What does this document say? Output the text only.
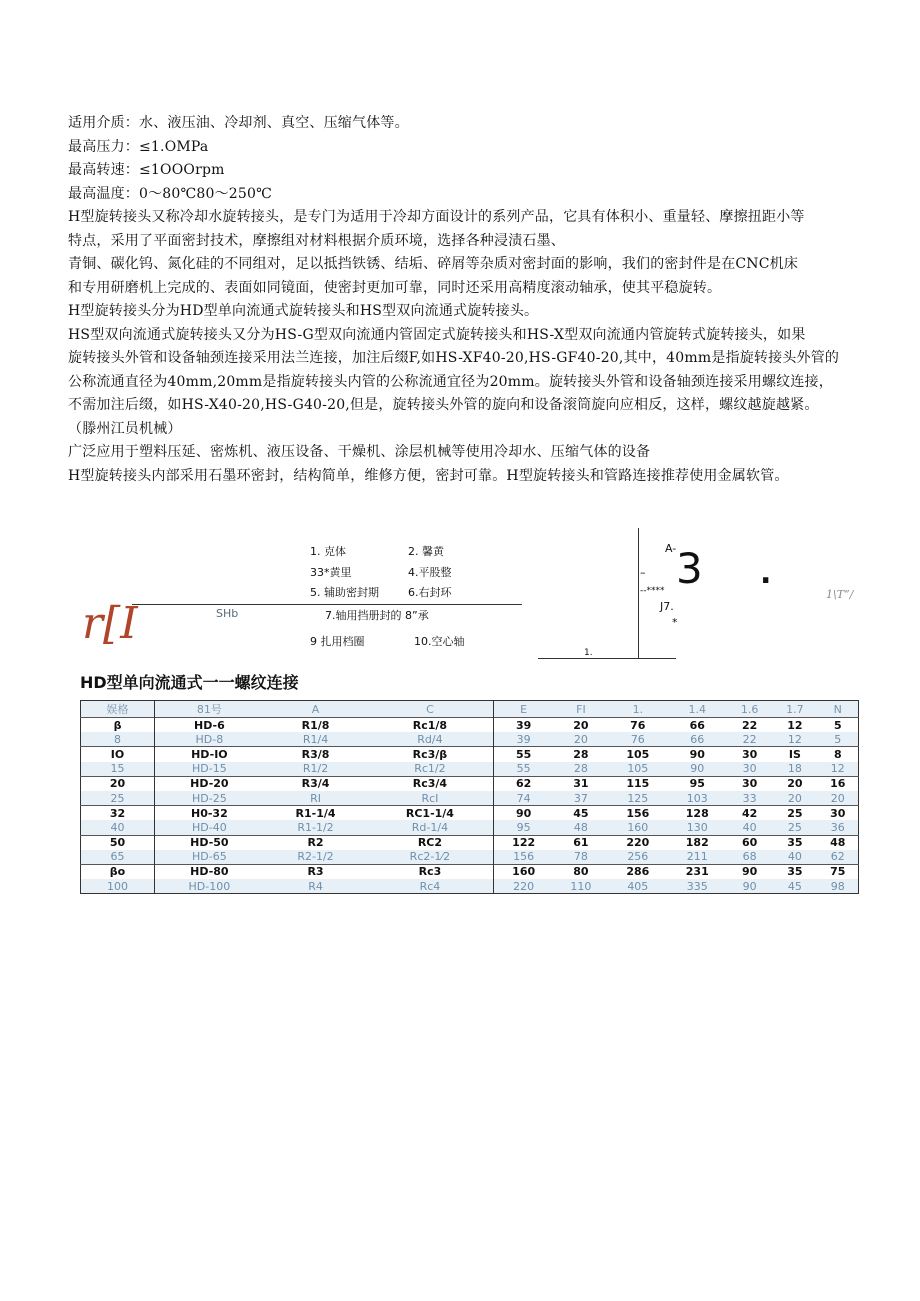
适用介质：水、液压油、冷却剂、真空、压缩气体等。

最高压力：≤1.OMPa

最高转速：≤1OOOrpm

最高温度：0～80℃80～250℃

H型旋转接头又称冷却水旋转接头，是专门为适用于冷却方面设计的系列产品，它具有体积小、重量轻、摩擦扭距小等

特点，采用了平面密封技术，摩擦组对材料根据介质环境，选择各种浸渍石墨、

青铜、碳化钨、氮化硅的不同组对，足以抵挡铁锈、结垢、碎屑等杂质对密封面的影响，我们的密封件是在CNC机床

和专用研磨机上完成的、表面如同镜面，使密封更加可靠，同时还采用高精度滚动轴承，使其平稳旋转。

H型旋转接头分为HD型单向流通式旋转接头和HS型双向流通式旋转接头。

HS型双向流通式旋转接头又分为HS-G型双向流通内管固定式旋转接头和HS-X型双向流通内管旋转式旋转接头，如果

旋转接头外管和设备轴颈连接采用法兰连接，加注后缀F,如HS-XF40-20,HS-GF40-20,其中，40mm是指旋转接头外管的

公称流通直径为40mm,20mm是指旋转接头内管的公称流通宜径为20mm。旋转接头外管和设备轴颈连接采用螺纹连接，

不需加注后缀，如HS-X40-20,HS-G40-20,但是，旋转接头外管的旋向和设备滚筒旋向应相反，这样，螺纹越旋越紧。

（滕州江员机械）

广泛应用于塑料压延、密炼机、液压设备、干燥机、涂层机械等使用冷却水、压缩气体的设备

H型旋转接头内部采用石墨环密封，结构简单，维修方便，密封可靠。H型旋转接头和管路连接推荐使用金属软管。

1. 克体	2. 馨黄
33*黄里	4.平股整
5. 辅助密封期	6.右封环
SHb	7.轴用挡册封的 8”承
9 扎用档圈	10.空心轴
r[I
A- 3 .
–
--****
J7.
*
1.
1\T”/
HD型单向流通式一一螺纹连接
娱格	81号	A	C	E	FI	1.	1.4	1.6	1.7	N
β	HD-6	R1/8	Rc1/8	39	20	76	66	22	12	5
8	HD-8	R1/4	Rd/4	39	20	76	66	22	12	5
IO	HD-IO	R3/8	Rc3/β	55	28	105	90	30	IS	8
15	HD-15	R1/2	Rc1/2	55	28	105	90	30	18	12
20	HD-20	R3/4	Rc3/4	62	31	115	95	30	20	16
25	HD-25	RI	RcI	74	37	125	103	33	20	20
32	H0-32	R1-1/4	RC1-1/4	90	45	156	128	42	25	30
40	HD-40	R1-1/2	Rd-1/4	95	48	160	130	40	25	36
50	HD-50	R2	RC2	122	61	220	182	60	35	48
65	HD-65	R2-1/2	Rc2-1⁄2	156	78	256	211	68	40	62
βo	HD-80	R3	Rc3	160	80	286	231	90	35	75
100	HD-100	R4	Rc4	220	110	405	335	90	45	98
